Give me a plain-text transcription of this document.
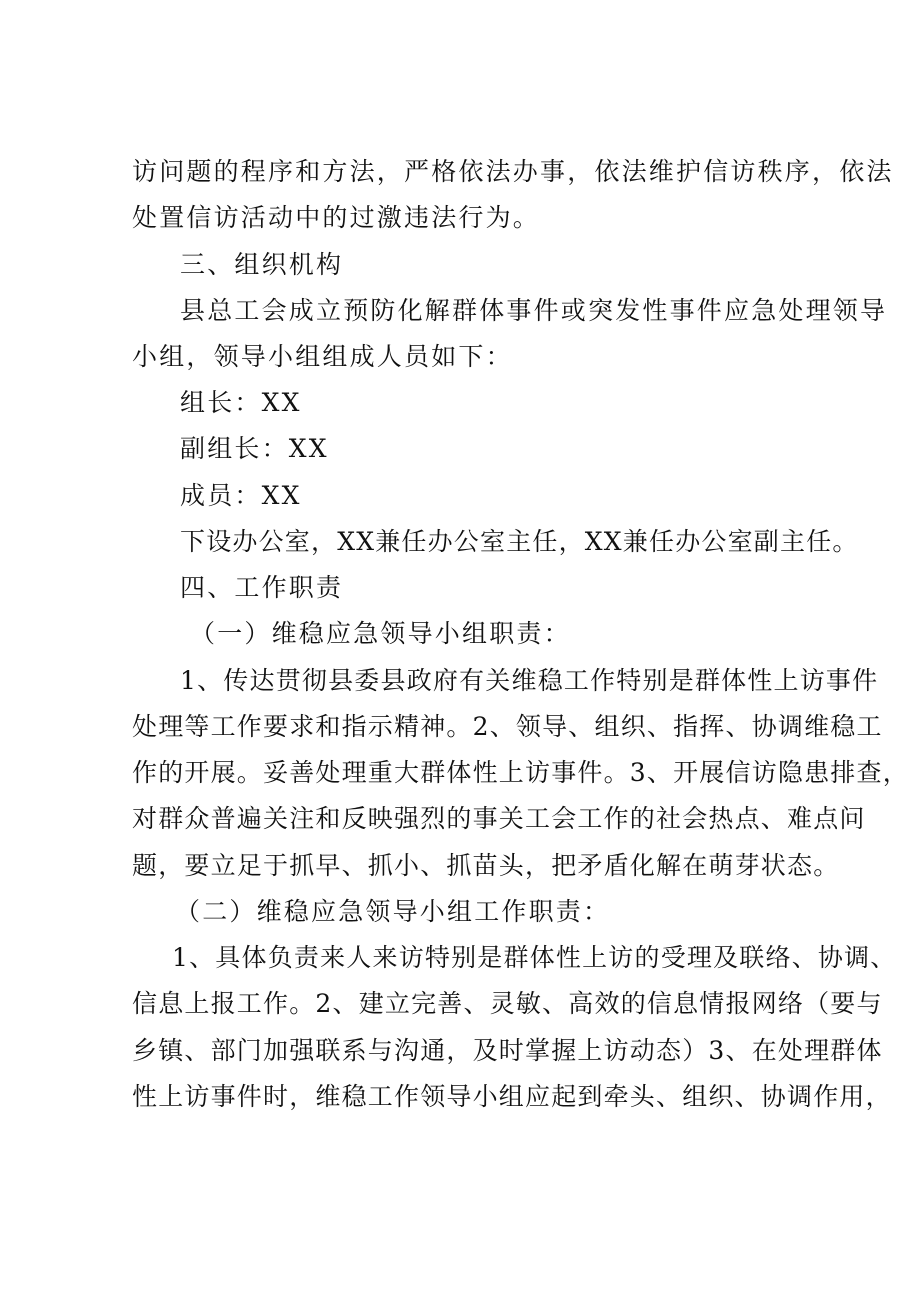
访问题的程序和方法，严格依法办事，依法维护信访秩序，依法
处置信访活动中的过激违法行为。
三、组织机构
县总工会成立预防化解群体事件或突发性事件应急处理领导
小组，领导小组组成人员如下：
组长：XX
副组长：XX
成员：XX
下设办公室，XX兼任办公室主任，XX兼任办公室副主任。
四、工作职责
（一）维稳应急领导小组职责：
1、传达贯彻县委县政府有关维稳工作特别是群体性上访事件
处理等工作要求和指示精神。2、领导、组织、指挥、协调维稳工
作的开展。妥善处理重大群体性上访事件。3、开展信访隐患排查，
对群众普遍关注和反映强烈的事关工会工作的社会热点、难点问
题，要立足于抓早、抓小、抓苗头，把矛盾化解在萌芽状态。
（二）维稳应急领导小组工作职责：
1、具体负责来人来访特别是群体性上访的受理及联络、协调、
信息上报工作。2、建立完善、灵敏、高效的信息情报网络（要与
乡镇、部门加强联系与沟通，及时掌握上访动态）3、在处理群体
性上访事件时，维稳工作领导小组应起到牵头、组织、协调作用，
